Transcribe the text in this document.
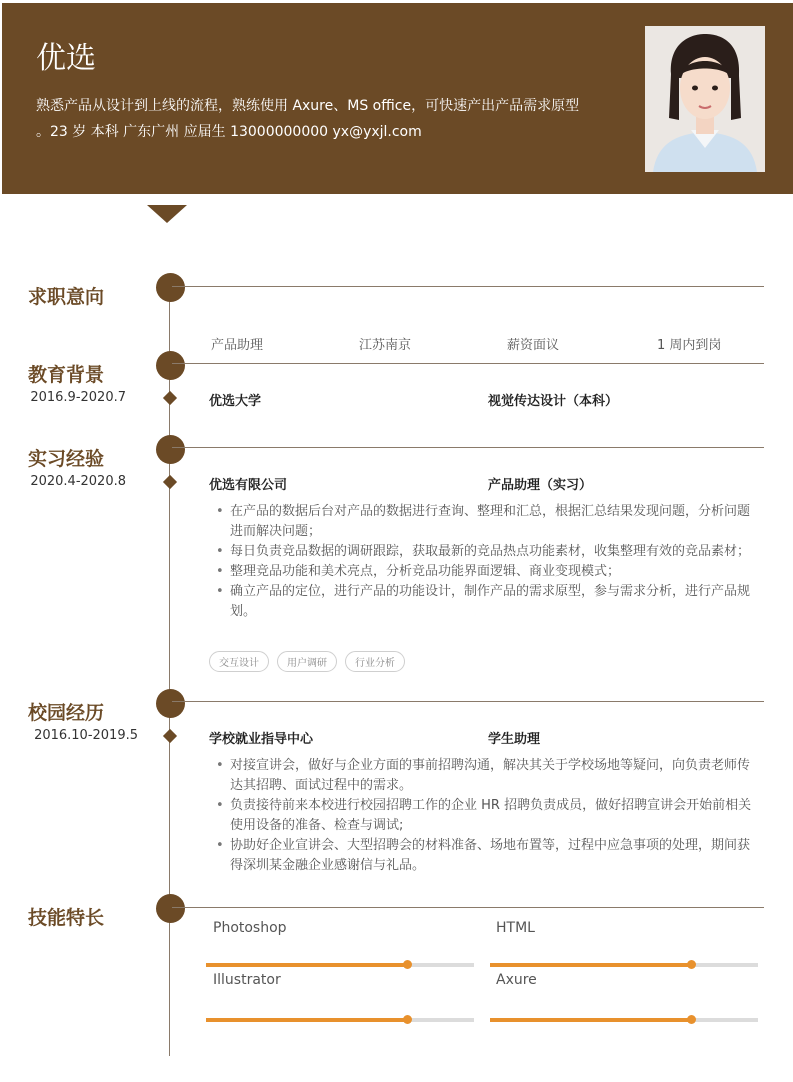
优选
熟悉产品从设计到上线的流程，熟练使用 Axure、MS office，可快速产出产品需求原型
。23 岁 本科 广东广州 应届生 13000000000 yx@yxjl.com
求职意向
产品助理	江苏南京	薪资面议	1 周内到岗
教育背景
2016.9-2020.7	优选大学	视觉传达设计（本科）
实习经验
2020.4-2020.8	优选有限公司	产品助理（实习）
• 在产品的数据后台对产品的数据进行查询、整理和汇总，根据汇总结果发现问题，分析问题进而解决问题；
• 每日负责竞品数据的调研跟踪，获取最新的竞品热点功能素材，收集整理有效的竞品素材；
• 整理竞品功能和美术亮点，分析竞品功能界面逻辑、商业变现模式；
• 确立产品的定位，进行产品的功能设计，制作产品的需求原型，参与需求分析，进行产品规划。
交互设计	用户调研	行业分析
校园经历
2016.10-2019.5	学校就业指导中心	学生助理
• 对接宣讲会，做好与企业方面的事前招聘沟通，解决其关于学校场地等疑问，向负责老师传达其招聘、面试过程中的需求。
• 负责接待前来本校进行校园招聘工作的企业 HR 招聘负责成员，做好招聘宣讲会开始前相关使用设备的准备、检查与调试;
• 协助好企业宣讲会、大型招聘会的材料准备、场地布置等，过程中应急事项的处理，期间获得深圳某金融企业感谢信与礼品。
技能特长	Photoshop	HTML
Illustrator	Axure
